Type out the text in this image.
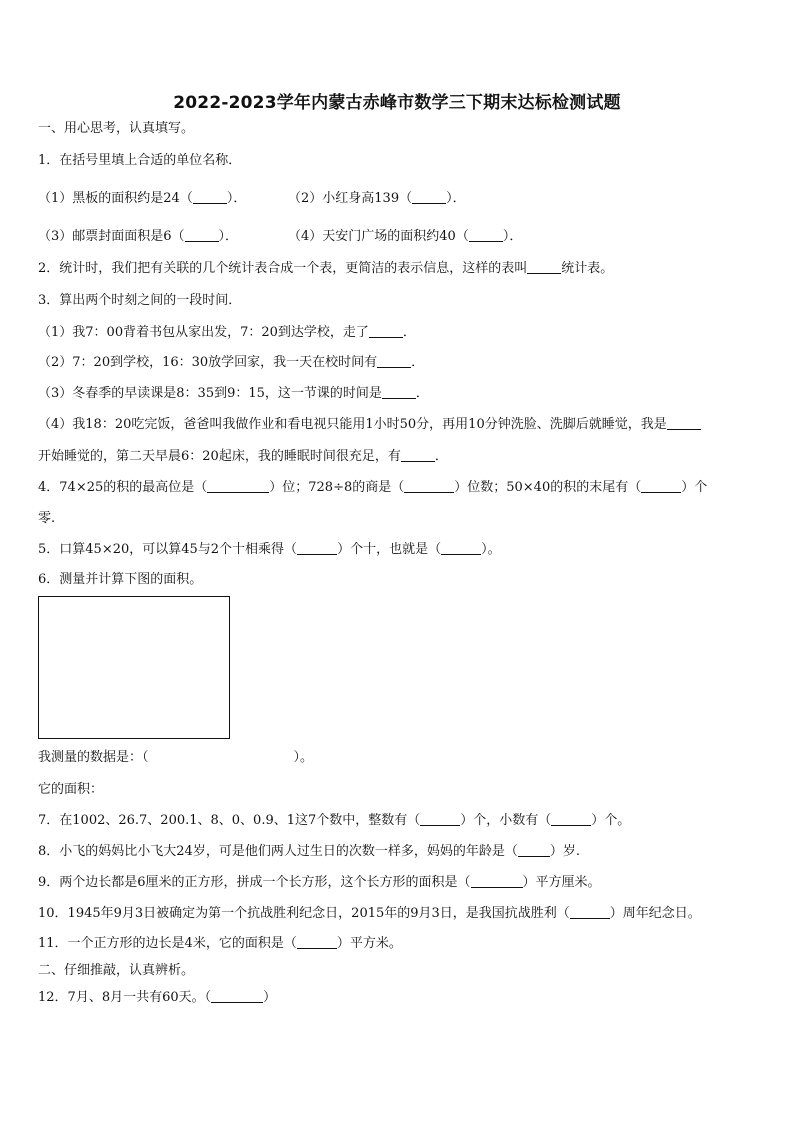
2022-2023学年内蒙古赤峰市数学三下期末达标检测试题
一、用心思考，认真填写。
1．在括号里填上合适的单位名称．
（1）黑板的面积约是24（	）．	（2）小红身高139（	）．
（3）邮票封面面积是6（	）．	（4）天安门广场的面积约40（	）．
2．统计时，我们把有关联的几个统计表合成一个表，更简洁的表示信息，这样的表叫	统计表。
3．算出两个时刻之间的一段时间．
（1）我7：00背着书包从家出发，7：20到达学校，走了	．
（2）7：20到学校，16：30放学回家，我一天在校时间有	．
（3）冬春季的早读课是8：35到9：15，这一节课的时间是	．
（4）我18：20吃完饭，爸爸叫我做作业和看电视只能用1小时50分，再用10分钟洗脸、洗脚后就睡觉，我是
开始睡觉的，第二天早晨6：20起床，我的睡眠时间很充足，有	．
4．74×25的积的最高位是（	）位；728÷8的商是（	）位数；50×40的积的末尾有（	）个
零.
5．口算45×20，可以算45与2个十相乘得（	）个十，也就是（	）。
6．测量并计算下图的面积。
我测量的数据是：（	）。
它的面积：
7．在1002、26.7、200.1、8、0、0.9、1这7个数中，整数有（	）个，小数有（	）个。
8．小飞的妈妈比小飞大24岁，可是他们两人过生日的次数一样多，妈妈的年龄是（ ）岁.
9．两个边长都是6厘米的正方形，拼成一个长方形，这个长方形的面积是（	）平方厘米。
10．1945年9月3日被确定为第一个抗战胜利纪念日，2015年的9月3日，是我国抗战胜利（	）周年纪念日。
11．一个正方形的边长是4米，它的面积是（	）平方米。
二、仔细推敲，认真辨析。
12．7月、8月一共有60天。（	）
